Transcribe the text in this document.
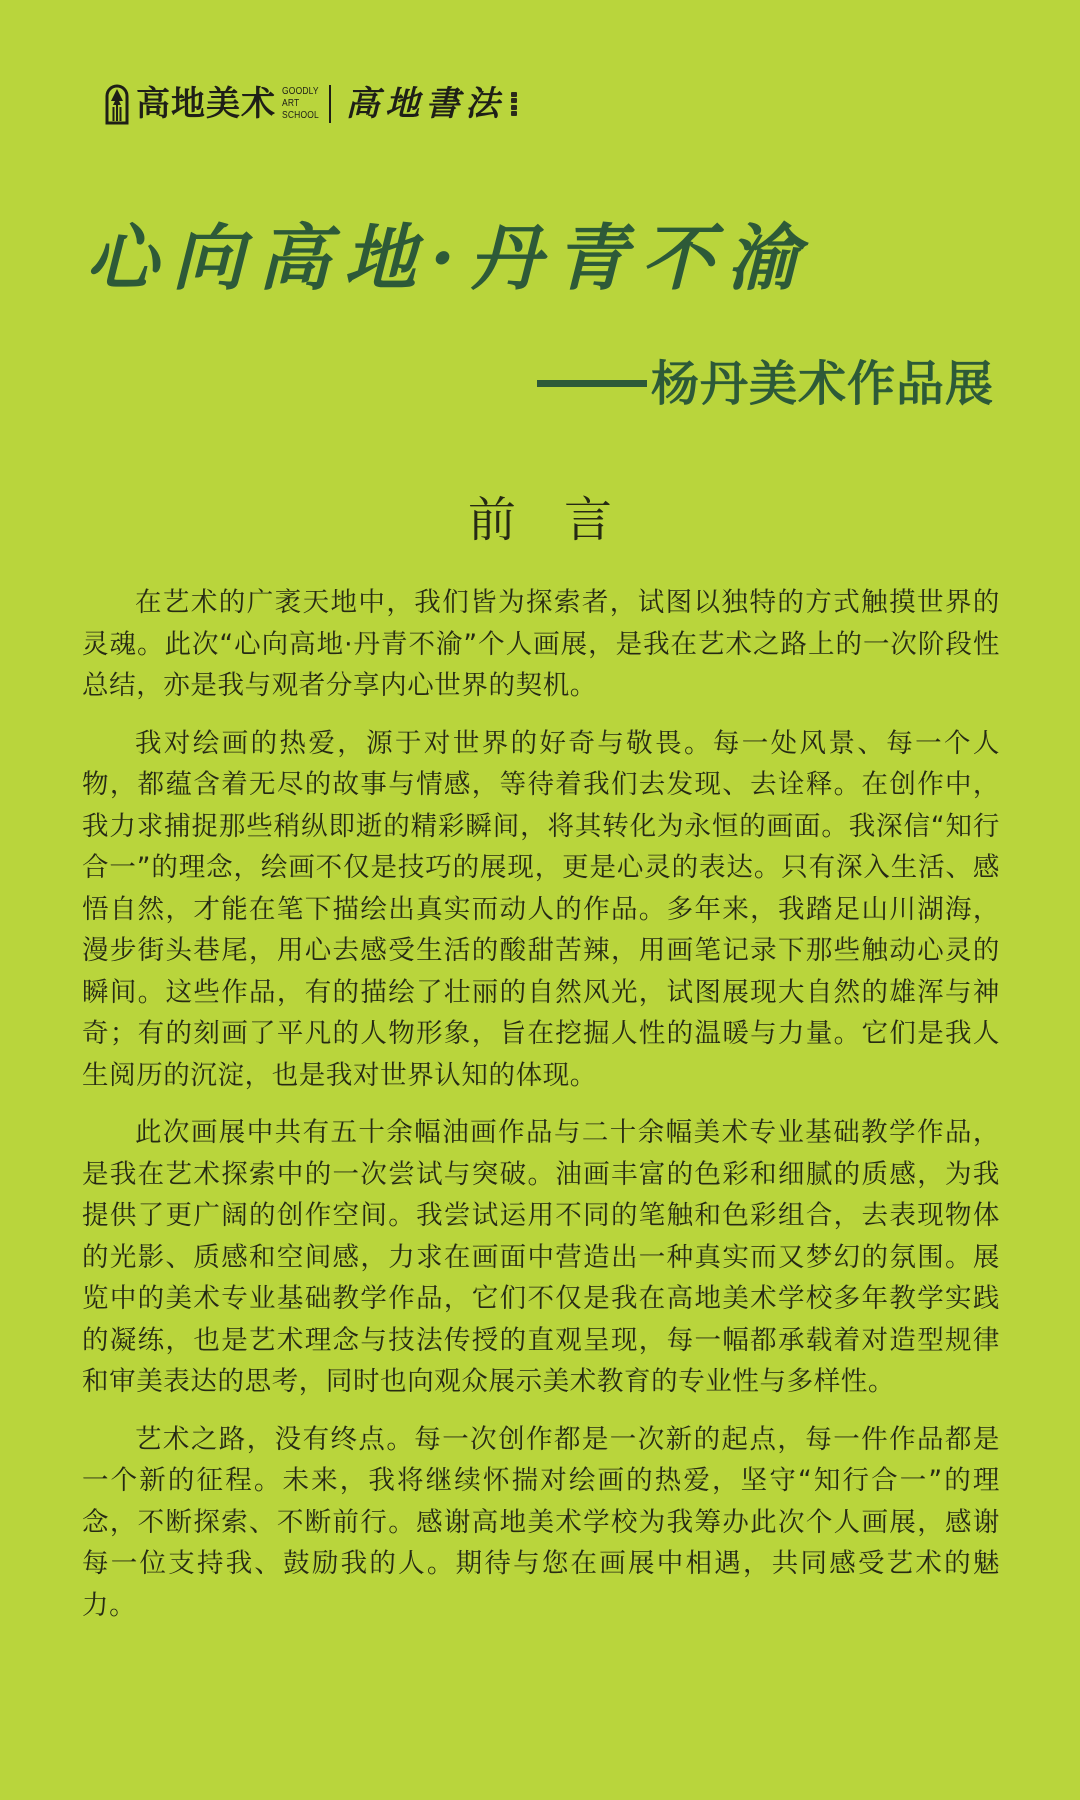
高地美术 GOODLY
ART
SCHOOL 高地書法
心向高地·丹青不渝
杨丹美术作品展
前言

在艺术的广袤天地中，我们皆为探索者，试图以独特的方式触摸世界的灵魂。此次“心向高地·丹青不渝”个人画展，是我在艺术之路上的一次阶段性总结，亦是我与观者分享内心世界的契机。

我对绘画的热爱，源于对世界的好奇与敬畏。每一处风景、每一个人物，都蕴含着无尽的故事与情感，等待着我们去发现、去诠释。在创作中，我力求捕捉那些稍纵即逝的精彩瞬间，将其转化为永恒的画面。我深信“知行合一”的理念，绘画不仅是技巧的展现，更是心灵的表达。只有深入生活、感悟自然，才能在笔下描绘出真实而动人的作品。多年来，我踏足山川湖海，漫步街头巷尾，用心去感受生活的酸甜苦辣，用画笔记录下那些触动心灵的瞬间。这些作品，有的描绘了壮丽的自然风光，试图展现大自然的雄浑与神奇；有的刻画了平凡的人物形象，旨在挖掘人性的温暖与力量。它们是我人生阅历的沉淀，也是我对世界认知的体现。

此次画展中共有五十余幅油画作品与二十余幅美术专业基础教学作品，是我在艺术探索中的一次尝试与突破。油画丰富的色彩和细腻的质感，为我提供了更广阔的创作空间。我尝试运用不同的笔触和色彩组合，去表现物体的光影、质感和空间感，力求在画面中营造出一种真实而又梦幻的氛围。展览中的美术专业基础教学作品，它们不仅是我在高地美术学校多年教学实践的凝练，也是艺术理念与技法传授的直观呈现，每一幅都承载着对造型规律和审美表达的思考，同时也向观众展示美术教育的专业性与多样性。

艺术之路，没有终点。每一次创作都是一次新的起点，每一件作品都是一个新的征程。未来，我将继续怀揣对绘画的热爱，坚守“知行合一”的理念，不断探索、不断前行。感谢高地美术学校为我筹办此次个人画展，感谢每一位支持我、鼓励我的人。期待与您在画展中相遇，共同感受艺术的魅力。
